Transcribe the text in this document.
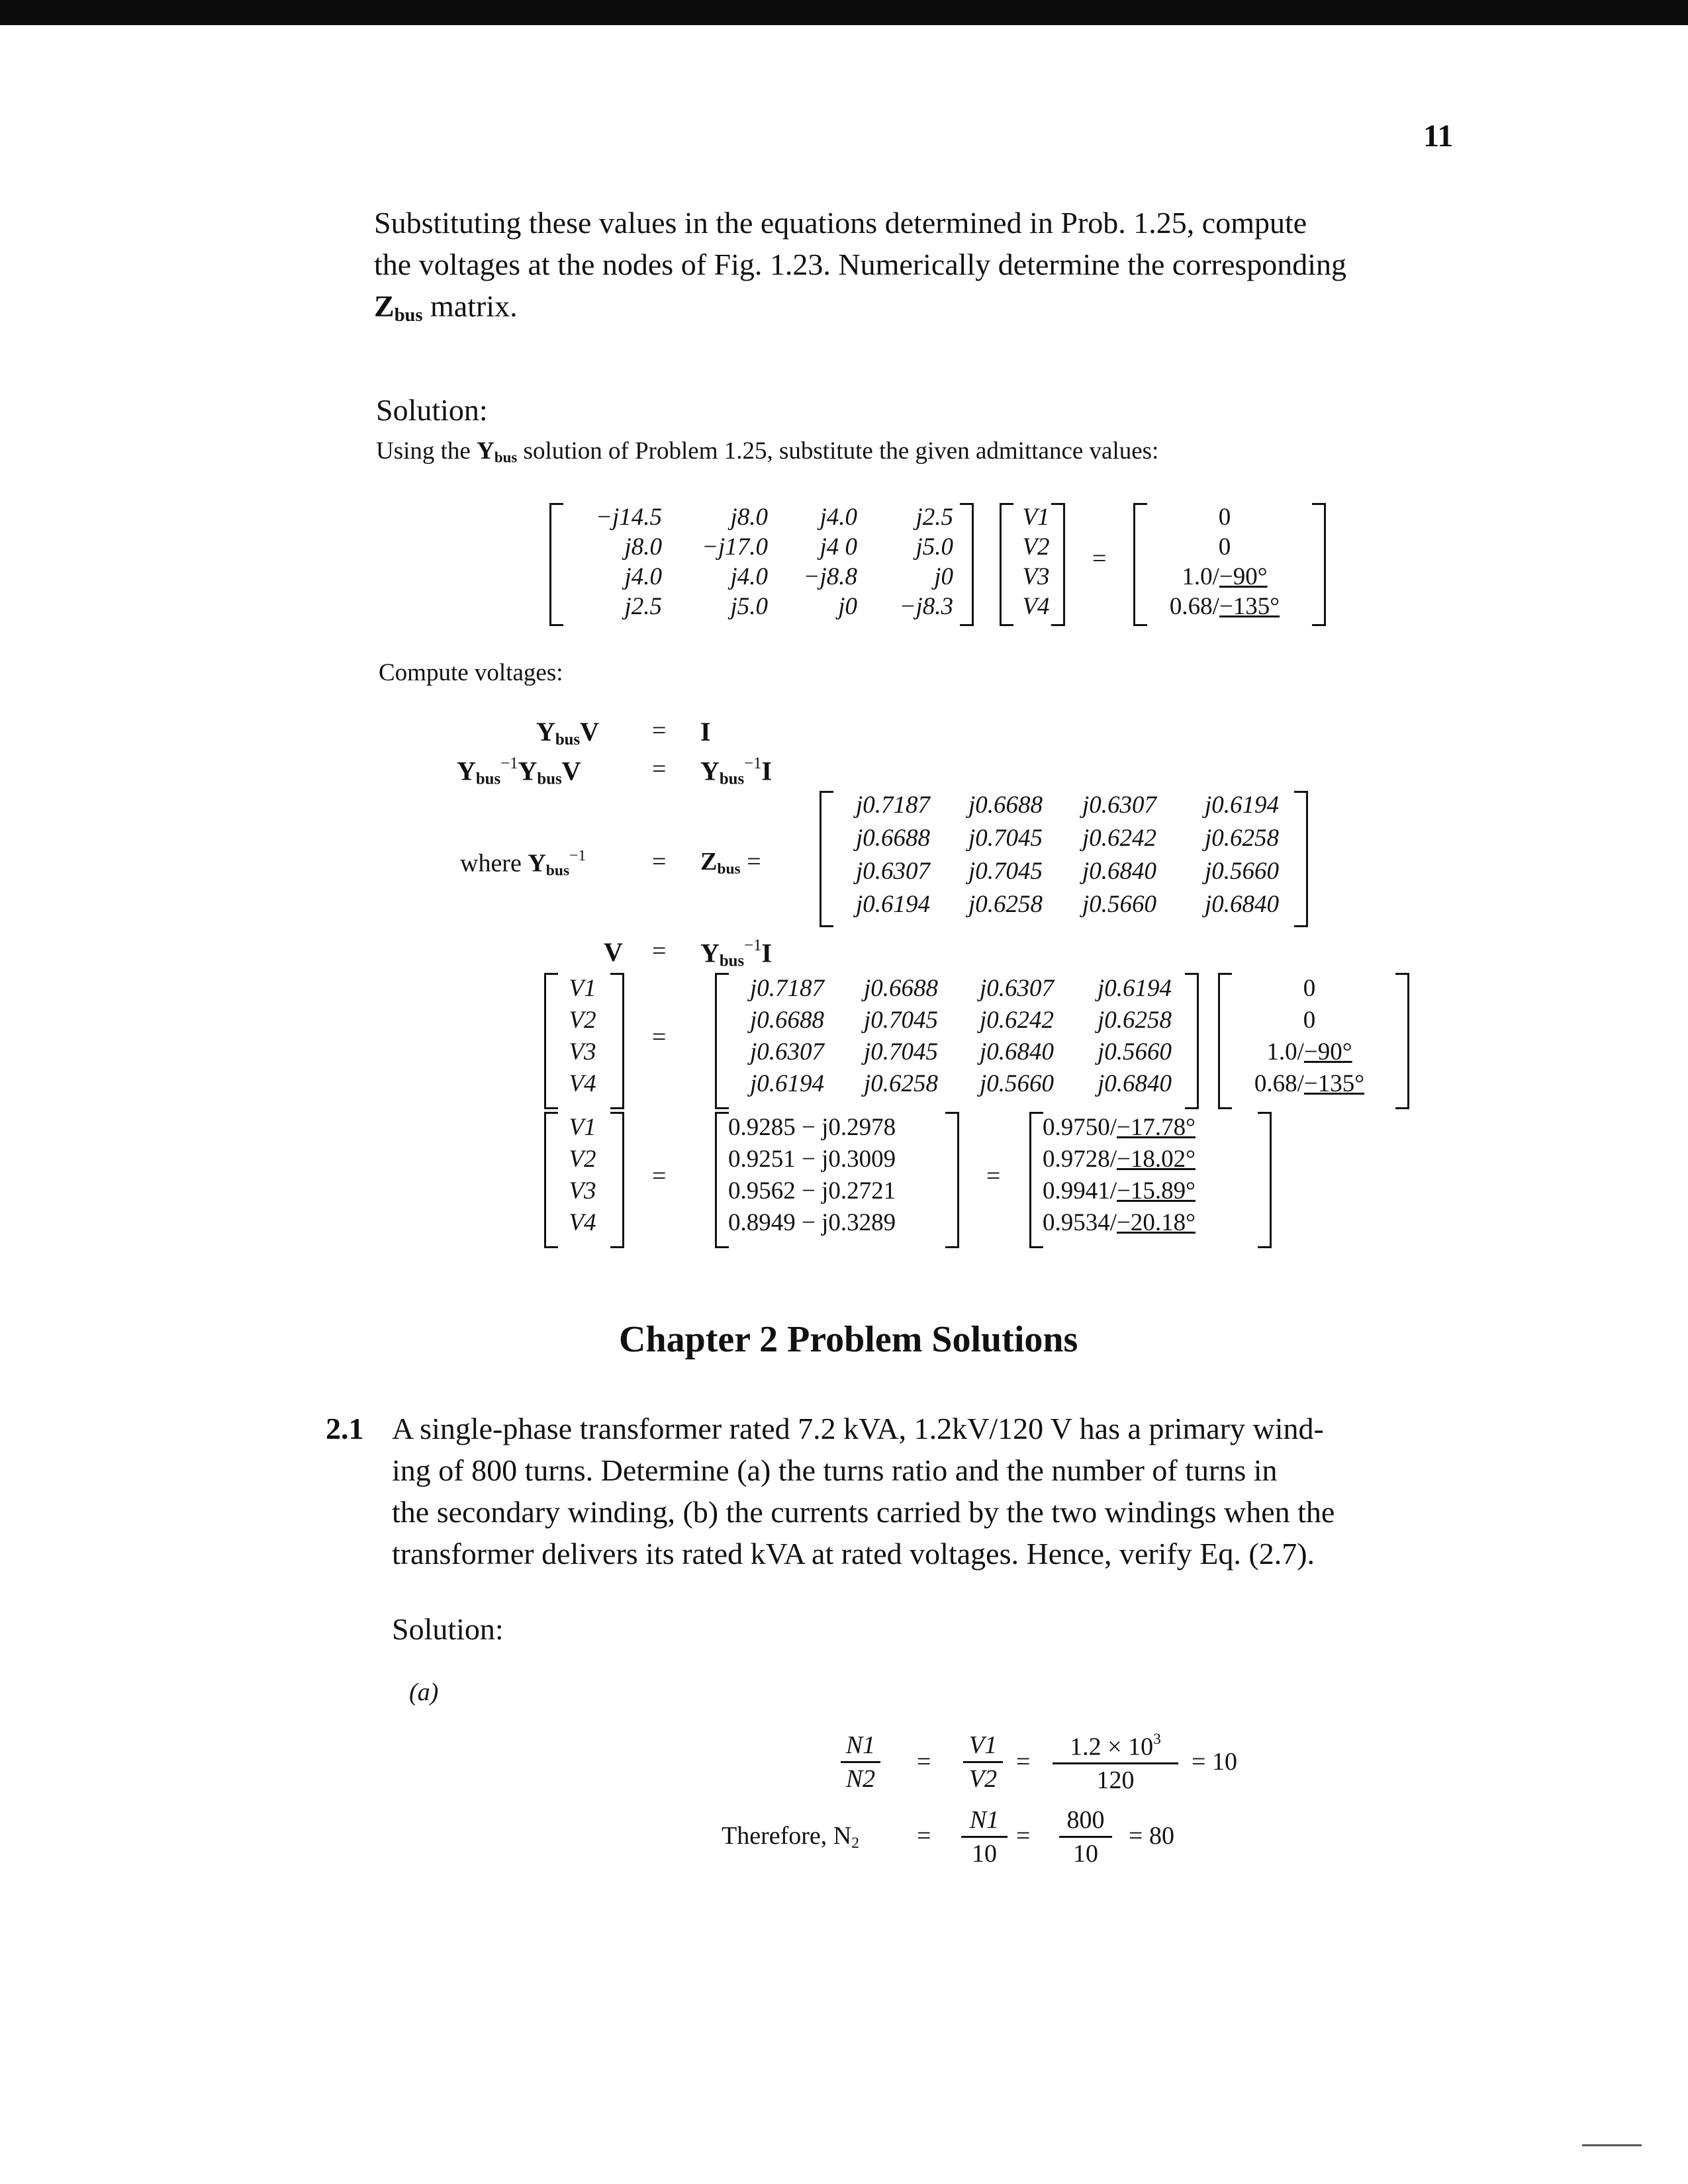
11
Substituting these values in the equations determined in Prob. 1.25, compute
the voltages at the nodes of Fig. 1.23. Numerically determine the corresponding
$Z_{bus}$ matrix.
Solution:
Using the $Y_{bus}$ solution of Problem 1.25, substitute the given admittance values:
−j14.5	j8.0	j4.0	j2.5
j8.0	−j17.0	j4 0	j5.0
j4.0	j4.0	−j8.8	j0
j2.5	j5.0	j0	−j8.3
V1
V2
V3
V4
=
0
0
1.0/−90°
0.68/−135°
Compute voltages:
$Y_{bus}V = I$
$Y_{bus}^{-1}Y_{bus}V$	= $Y_{bus}^{-1}I$
where $Y_{bus}^{-1}$	= $Z_{bus}$ =
j0.7187	j0.6688	j0.6307	j0.6194
j0.6688	j0.7045	j0.6242	j0.6258
j0.6307	j0.7045	j0.6840	j0.5660
j0.6194	j0.6258	j0.5660	j0.6840
$V = Y_{bus}^{-1}I$
V1
V2
V3
V4
=
j0.7187	j0.6688	j0.6307	j0.6194
j0.6688	j0.7045	j0.6242	j0.6258
j0.6307	j0.7045	j0.6840	j0.5660
j0.6194	j0.6258	j0.5660	j0.6840
0
0
1.0/−90°
0.68/−135°
V1
V2
V3
V4
=
0.9285 − j0.2978
0.9251 − j0.3009
0.9562 − j0.2721
0.8949 − j0.3289
=
0.9750/−17.78°
0.9728/−18.02°
0.9941/−15.89°
0.9534/−20.18°
Chapter 2 Problem Solutions
2.1 A single-phase transformer rated 7.2 kVA, 1.2kV/120 V has a primary wind-
ing of 800 turns. Determine (a) the turns ratio and the number of turns in
the secondary winding, (b) the currents carried by the two windings when the
transformer delivers its rated kVA at rated voltages. Hence, verify Eq. (2.7).
Solution:
(a)
$\frac{N1}{N2} = \frac{V1}{V2} = \frac{1.2 \times 10^3}{120} = 10$
Therefore, $N_2 = \frac{N1}{10} = \frac{800}{10} = 80$
